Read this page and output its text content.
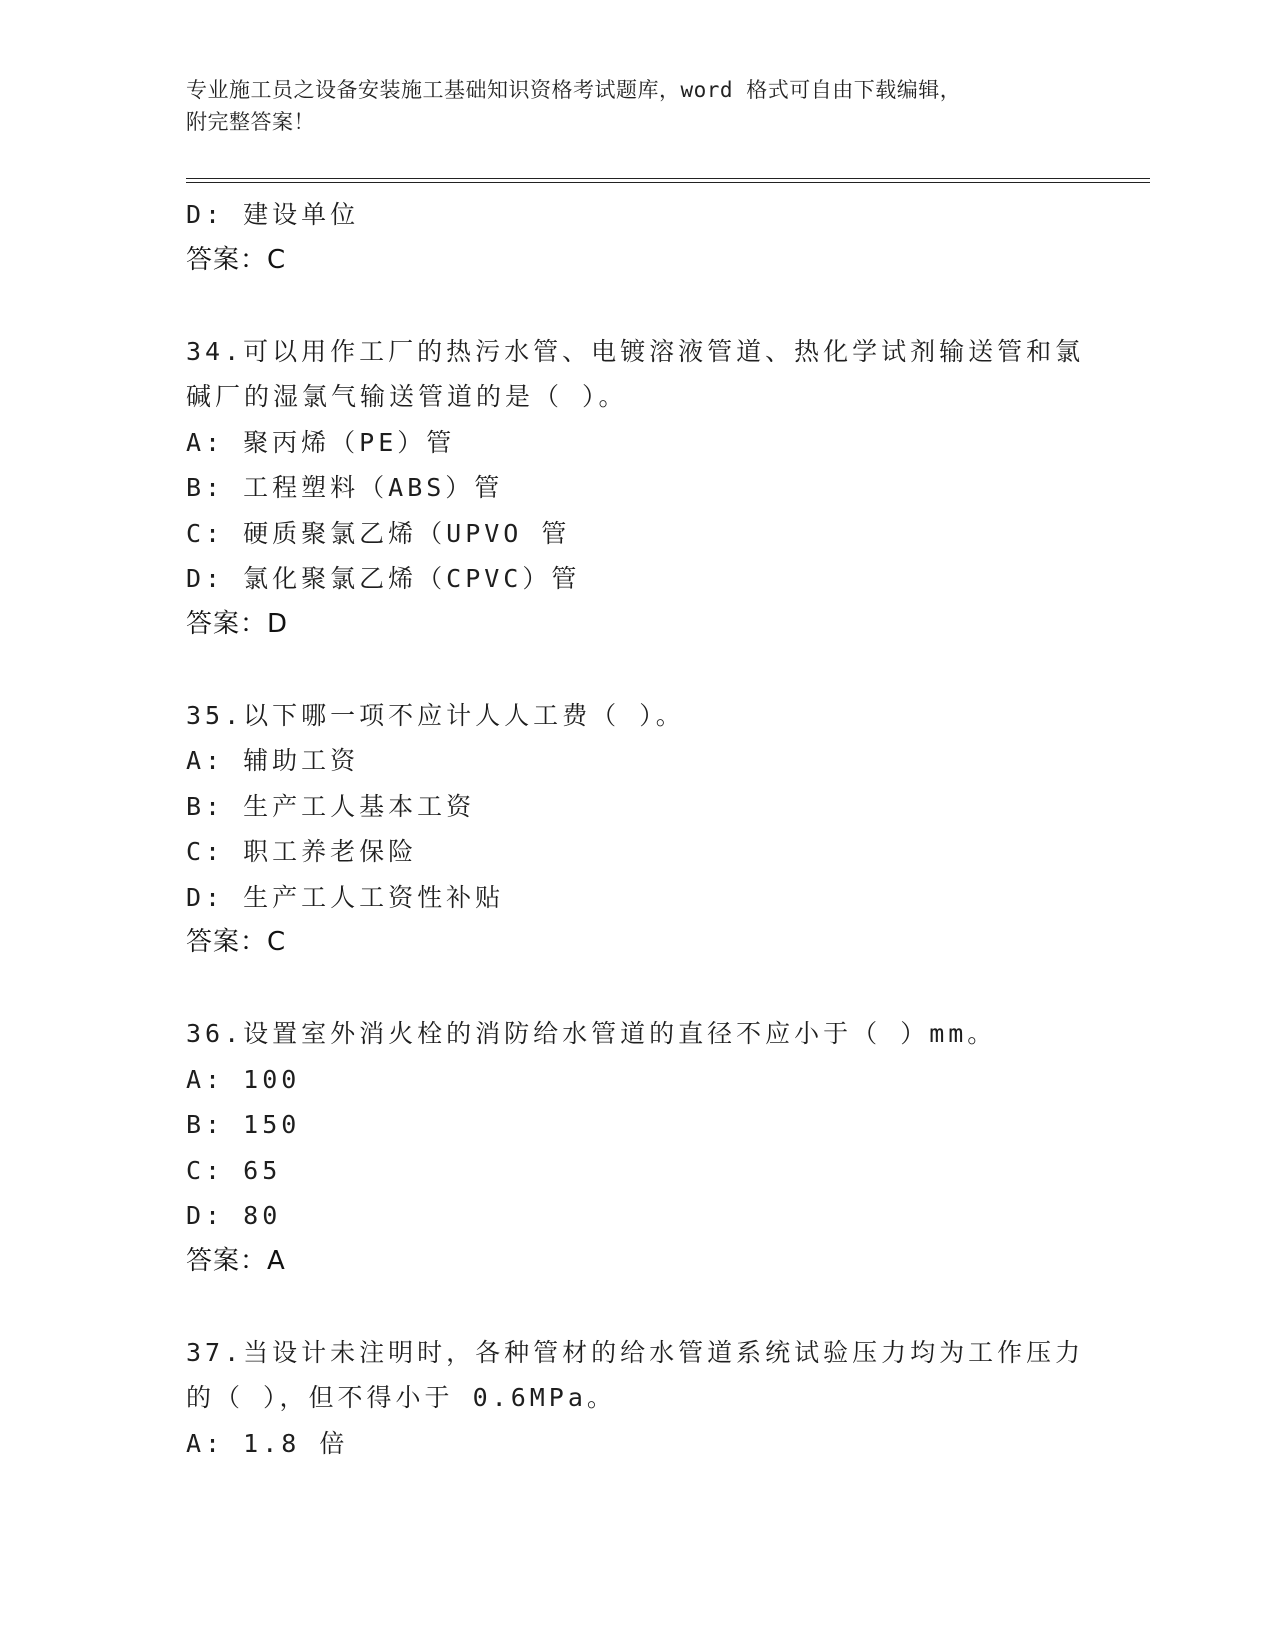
专业施工员之设备安装施工基础知识资格考试题库，word 格式可自由下载编辑，
附完整答案！
D: 建设单位
答案：C
34.可以用作工厂的热污水管、电镀溶液管道、热化学试剂输送管和氯
碱厂的湿氯气输送管道的是（ ）。
A: 聚丙烯（PE）管
B: 工程塑料（ABS）管
C: 硬质聚氯乙烯（UPVO 管
D: 氯化聚氯乙烯（CPVC）管
答案：D
35.以下哪一项不应计人人工费（ ）。
A: 辅助工资
B: 生产工人基本工资
C: 职工养老保险
D: 生产工人工资性补贴
答案：C
36.设置室外消火栓的消防给水管道的直径不应小于（ ）mm。
A: 100
B: 150
C: 65
D: 80
答案：A
37.当设计未注明时，各种管材的给水管道系统试验压力均为工作压力
的（ ），但不得小于 0.6MPa。
A: 1.8 倍
